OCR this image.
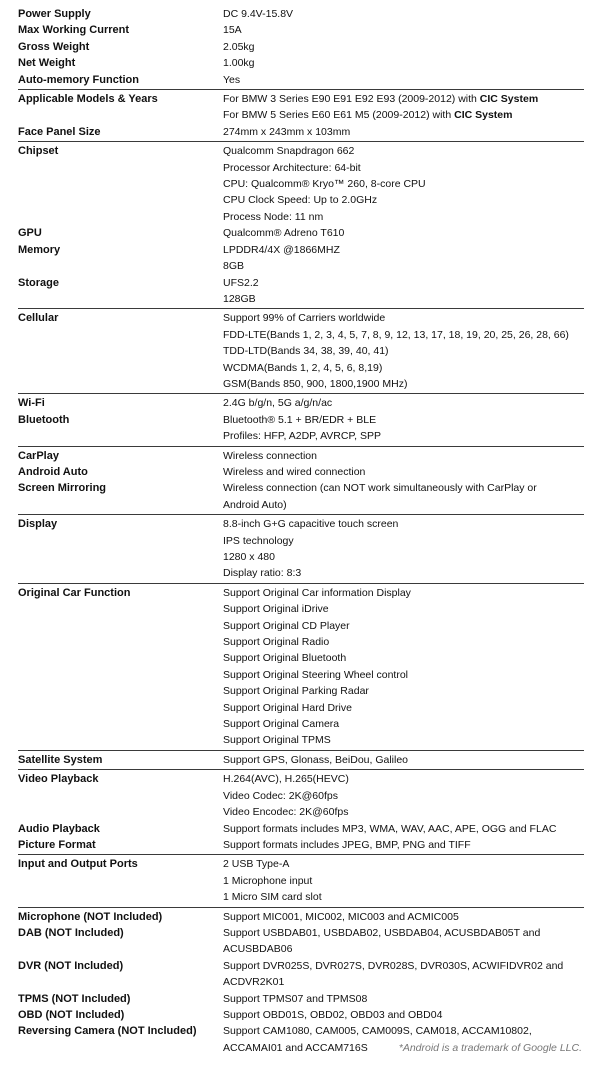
Power Supply	DC 9.4V-15.8V
Max Working Current	15A
Gross Weight	2.05kg
Net Weight	1.00kg
Auto-memory Function	Yes
Applicable Models & Years	For BMW 3 Series E90 E91 E92 E93 (2009-2012) with CIC System
For BMW 5 Series E60 E61 M5 (2009-2012) with CIC System
Face Panel Size	274mm x 243mm x 103mm
Chipset	Qualcomm Snapdragon 662
Processor Architecture: 64-bit
CPU: Qualcomm® Kryo™ 260, 8-core CPU
CPU Clock Speed: Up to 2.0GHz
Process Node: 11 nm
GPU	Qualcomm® Adreno T610
Memory	LPDDR4/4X @1866MHZ
8GB
Storage	UFS2.2
128GB
Cellular	Support 99% of Carriers worldwide
FDD-LTE(Bands 1, 2, 3, 4, 5, 7, 8, 9, 12, 13, 17, 18, 19, 20, 25, 26, 28, 66)
TDD-LTD(Bands 34, 38, 39, 40, 41)
WCDMA(Bands 1, 2, 4, 5, 6, 8,19)
GSM(Bands 850, 900, 1800,1900 MHz)
Wi-Fi	2.4G b/g/n, 5G a/g/n/ac
Bluetooth	Bluetooth® 5.1 + BR/EDR + BLE
Profiles: HFP, A2DP, AVRCP, SPP
CarPlay	Wireless connection
Android Auto	Wireless and wired connection
Screen Mirroring	Wireless connection (can NOT work simultaneously with CarPlay or
Android Auto)
Display	8.8-inch G+G capacitive touch screen
IPS technology
1280 x 480
Display ratio: 8:3
Original Car Function	Support Original Car information Display
Support Original iDrive
Support Original CD Player
Support Original Radio
Support Original Bluetooth
Support Original Steering Wheel control
Support Original Parking Radar
Support Original Hard Drive
Support Original Camera
Support Original TPMS
Satellite System	Support GPS, Glonass, BeiDou, Galileo
Video Playback	H.264(AVC), H.265(HEVC)
Video Codec: 2K@60fps
Video Encodec: 2K@60fps
Audio Playback	Support formats includes MP3, WMA, WAV, AAC, APE, OGG and FLAC
Picture Format	Support formats includes JPEG, BMP, PNG and TIFF
Input and Output Ports	2 USB Type-A
1 Microphone input
1 Micro SIM card slot
Microphone (NOT Included)	Support MIC001, MIC002, MIC003 and ACMIC005
DAB (NOT Included)	Support USBDAB01, USBDAB02, USBDAB04, ACUSBDAB05T and
ACUSBDAB06
DVR (NOT Included)	Support DVR025S, DVR027S, DVR028S, DVR030S, ACWIFIDVR02 and
ACDVR2K01
TPMS (NOT Included)	Support TPMS07 and TPMS08
OBD (NOT Included)	Support OBD01S, OBD02, OBD03 and OBD04
Reversing Camera (NOT Included)	Support CAM1080, CAM005, CAM009S, CAM018, ACCAM10802,
ACCAMAI01 and ACCAM716S	*Android is a trademark of Google LLC.
